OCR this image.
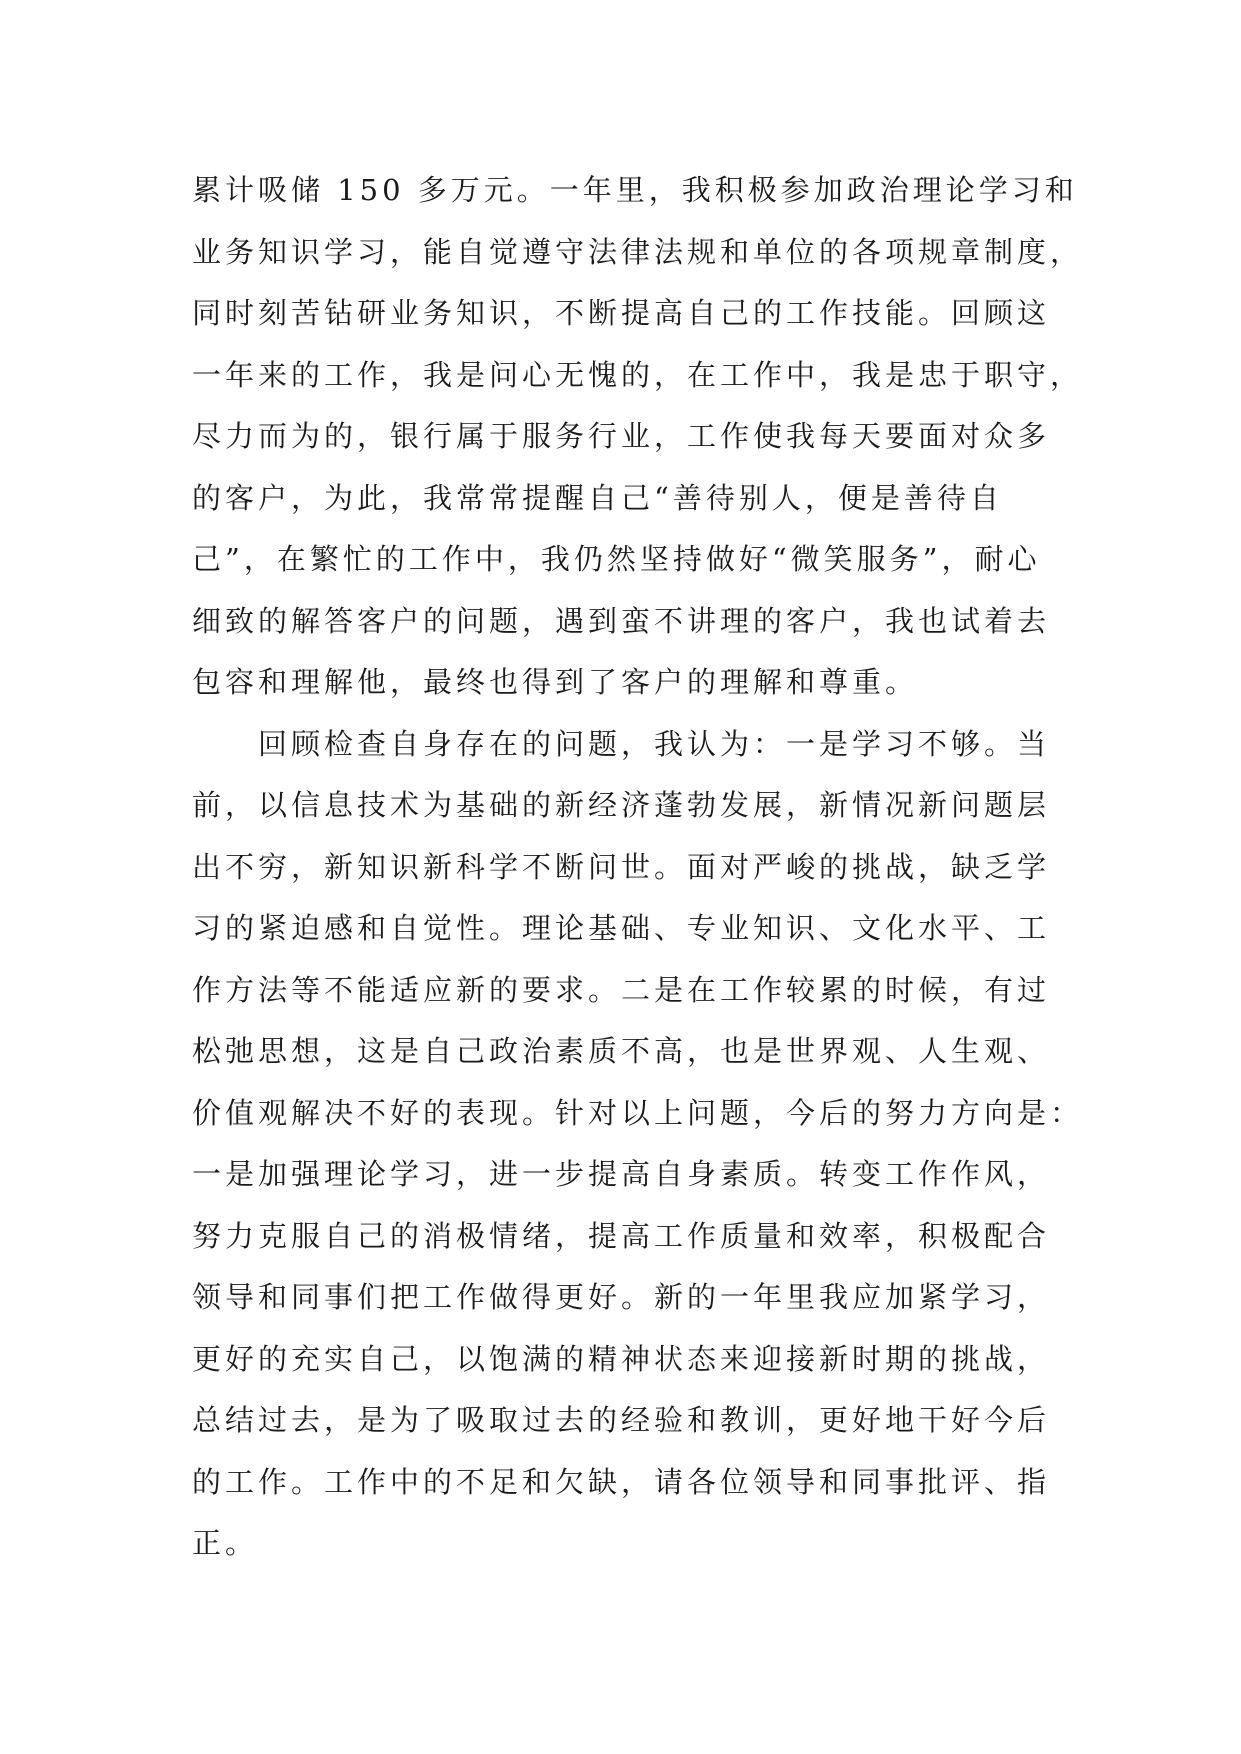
累计吸储 150 多万元。一年里，我积极参加政治理论学习和
业务知识学习，能自觉遵守法律法规和单位的各项规章制度，
同时刻苦钻研业务知识，不断提高自己的工作技能。回顾这
一年来的工作，我是问心无愧的，在工作中，我是忠于职守，
尽力而为的，银行属于服务行业，工作使我每天要面对众多
的客户，为此，我常常提醒自己“善待别人，便是善待自
己”，在繁忙的工作中，我仍然坚持做好“微笑服务”，耐心
细致的解答客户的问题，遇到蛮不讲理的客户，我也试着去
包容和理解他，最终也得到了客户的理解和尊重。
　　回顾检查自身存在的问题，我认为：一是学习不够。当
前，以信息技术为基础的新经济蓬勃发展，新情况新问题层
出不穷，新知识新科学不断问世。面对严峻的挑战，缺乏学
习的紧迫感和自觉性。理论基础、专业知识、文化水平、工
作方法等不能适应新的要求。二是在工作较累的时候，有过
松弛思想，这是自己政治素质不高，也是世界观、人生观、
价值观解决不好的表现。针对以上问题，今后的努力方向是：
一是加强理论学习，进一步提高自身素质。转变工作作风，
努力克服自己的消极情绪，提高工作质量和效率，积极配合
领导和同事们把工作做得更好。新的一年里我应加紧学习，
更好的充实自己，以饱满的精神状态来迎接新时期的挑战，
总结过去，是为了吸取过去的经验和教训，更好地干好今后
的工作。工作中的不足和欠缺，请各位领导和同事批评、指
正。
